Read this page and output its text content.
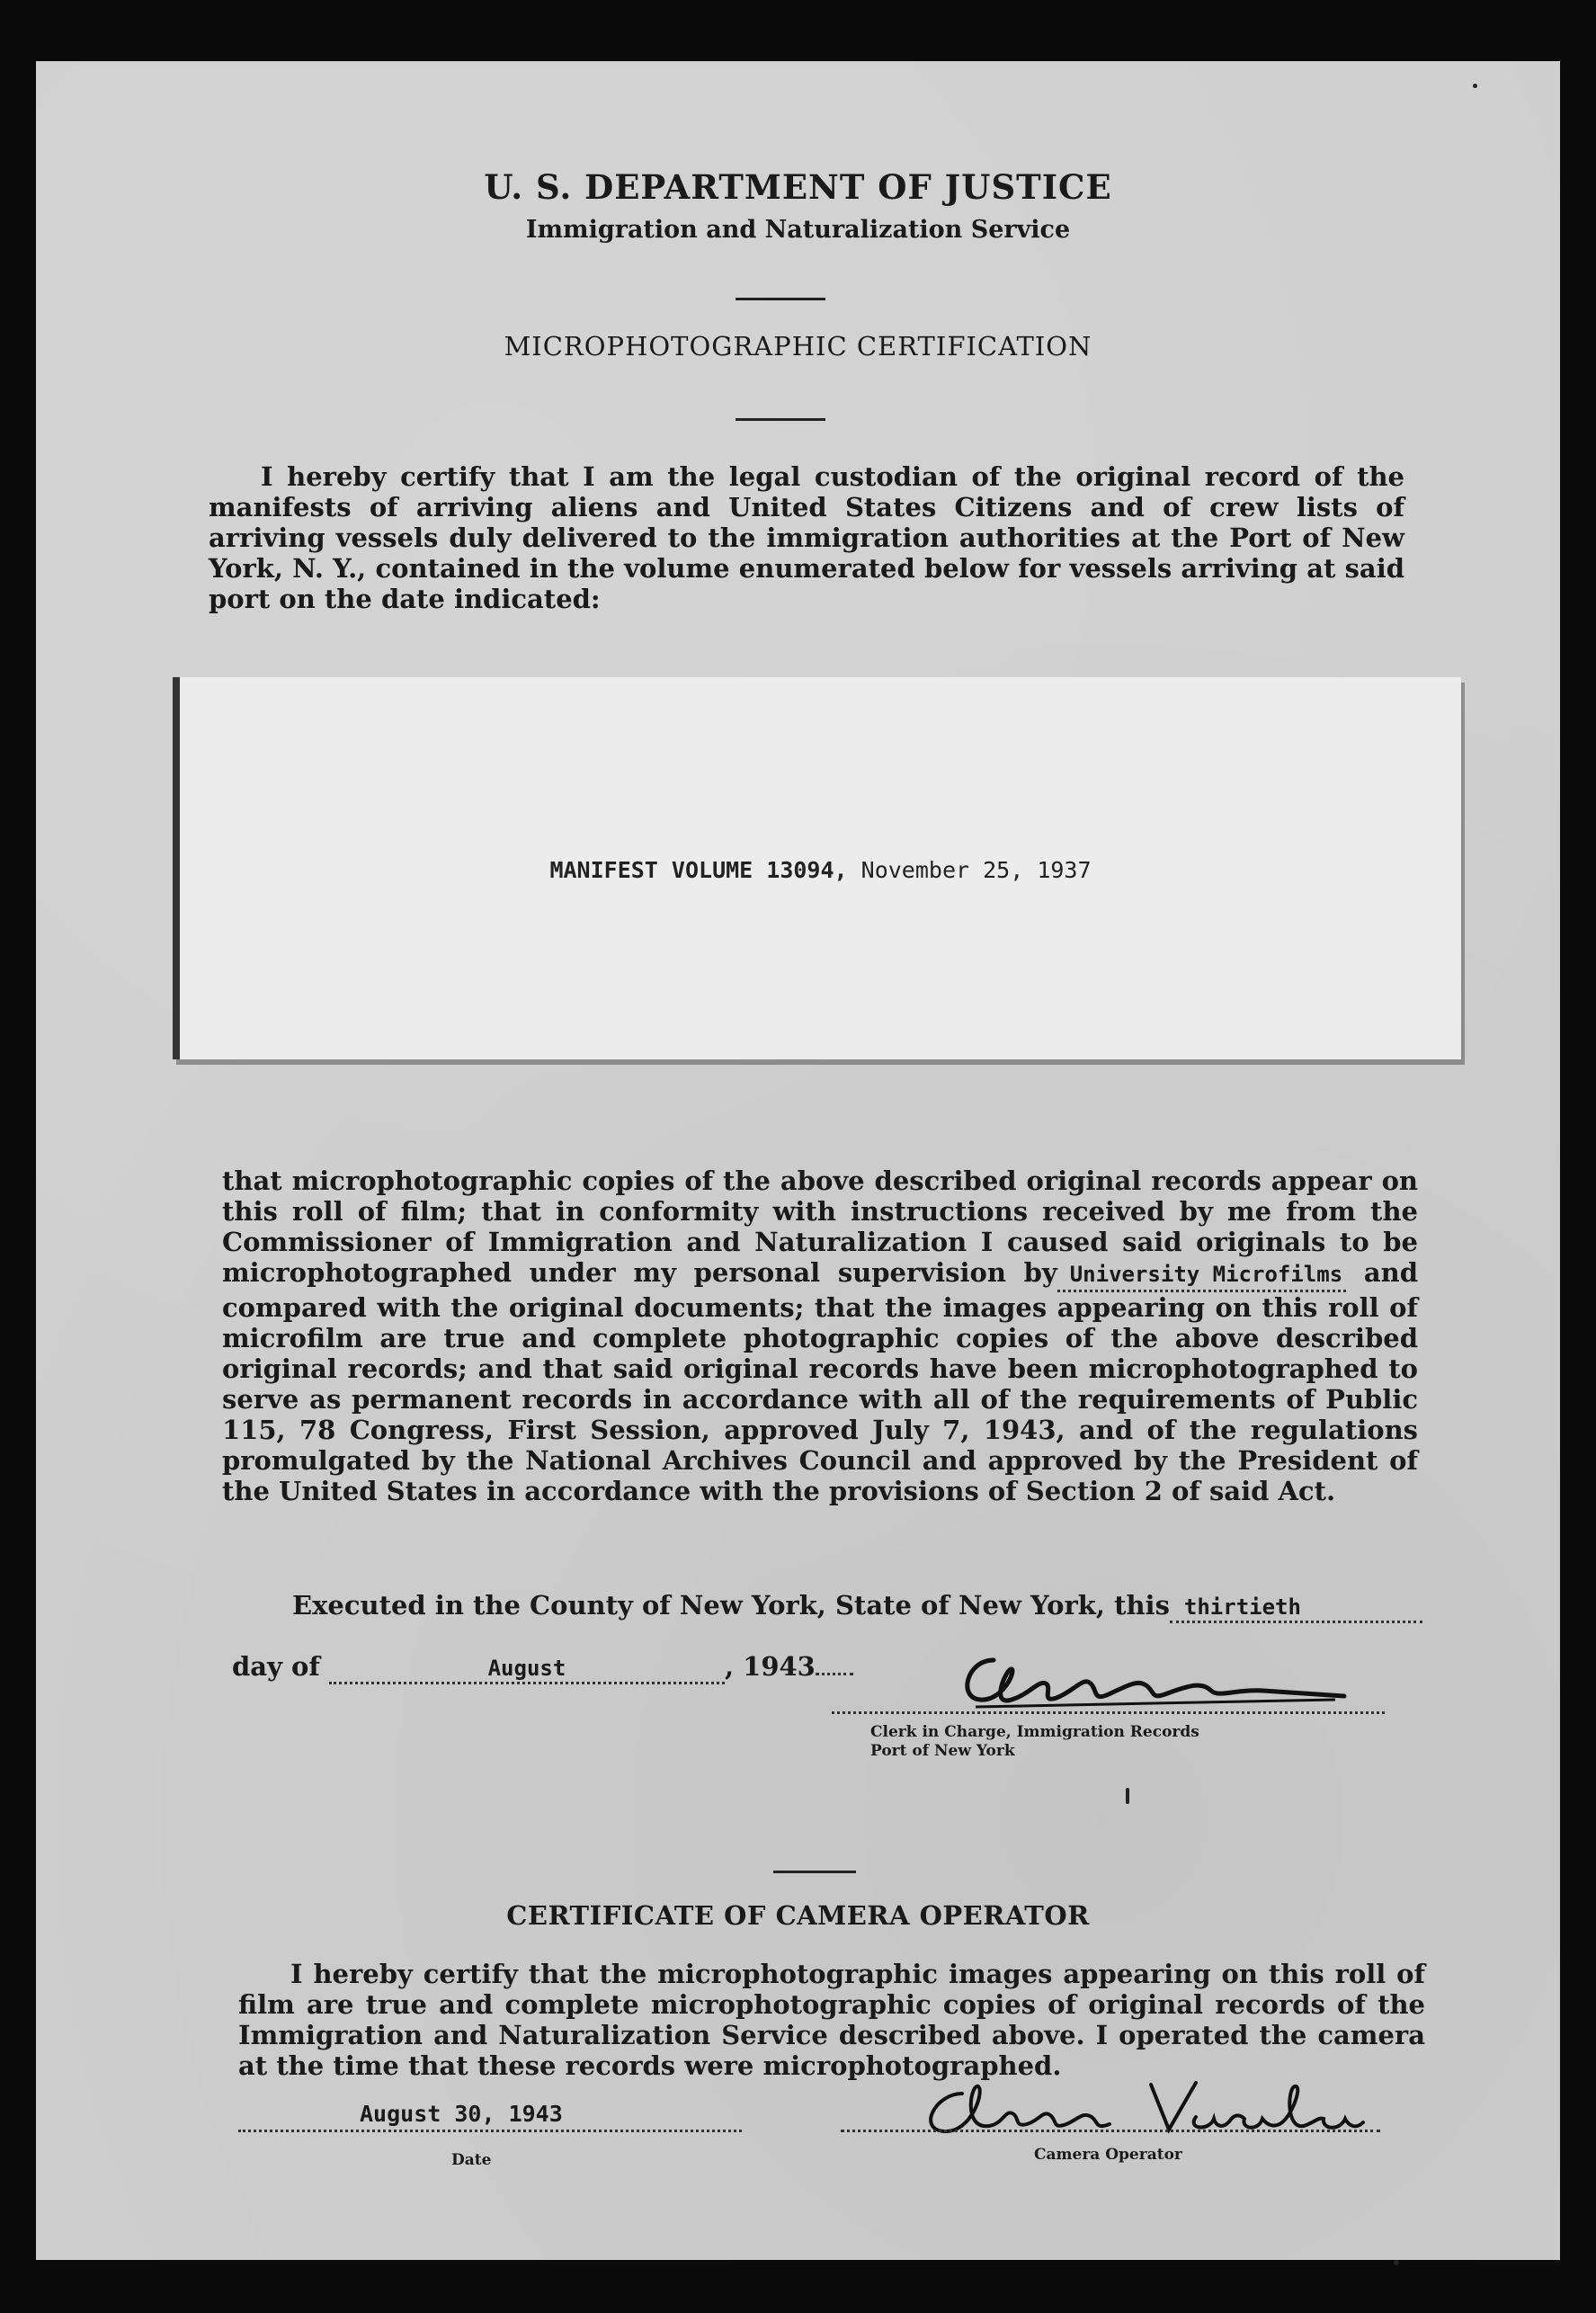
U. S. DEPARTMENT OF JUSTICE
Immigration and Naturalization Service
MICROPHOTOGRAPHIC CERTIFICATION
I hereby certify that I am the legal custodian of the original record of the manifests of arriving aliens and United States Citizens and of crew lists of arriving vessels duly delivered to the immigration authorities at the Port of New York, N. Y., contained in the volume enumerated below for vessels arriving at said port on the date indicated:
MANIFEST VOLUME 13094, November 25, 1937
that microphotographic copies of the above described original records appear on this roll of film; that in conformity with instructions received by me from the Commissioner of Immigration and Naturalization I caused said originals to be microphotographed under my personal supervision by University Microfilms and compared with the original documents; that the images appearing on this roll of microfilm are true and complete photographic copies of the above described original records; and that said original records have been microphotographed to serve as permanent records in accordance with all of the requirements of Public 115, 78 Congress, First Session, approved July 7, 1943, and of the regulations promulgated by the National Archives Council and approved by the President of the United States in accordance with the provisions of Section 2 of said Act.
Executed in the County of New York, State of New York, this thirtieth
day of	August	, 1943
Clerk in Charge, Immigration Records
Port of New York
CERTIFICATE OF CAMERA OPERATOR
I hereby certify that the microphotographic images appearing on this roll of film are true and complete microphotographic copies of original records of the Immigration and Naturalization Service described above. I operated the camera at the time that these records were microphotographed.
August 30, 1943
Date	Camera Operator
